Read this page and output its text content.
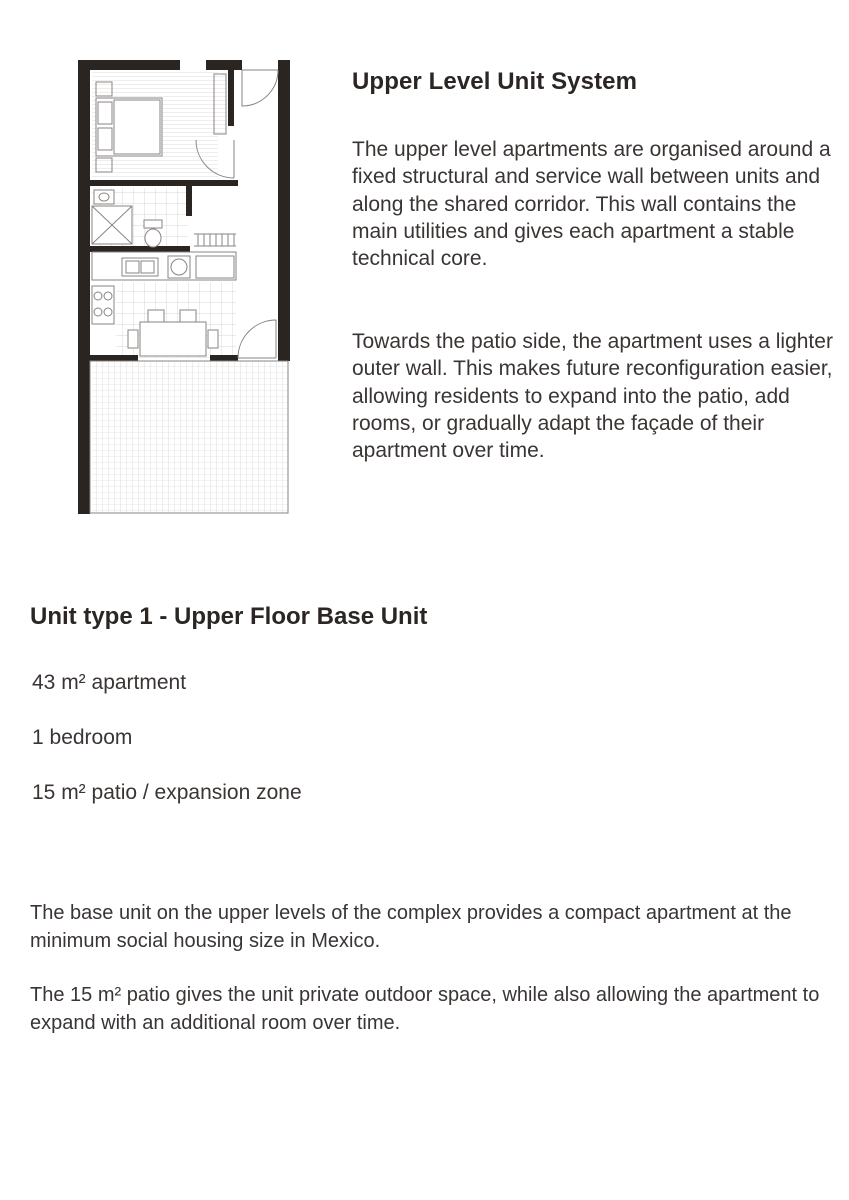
Upper Level Unit System

The upper level apartments are organised around a fixed structural and service wall between units and along the shared corridor. This wall contains the main utilities and gives each apartment a stable technical core.

Towards the patio side, the apartment uses a lighter outer wall. This makes future reconfiguration easier, allowing residents to expand into the patio, add rooms, or gradually adapt the façade of their apartment over time.

Unit type 1 - Upper Floor Base Unit

43 m² apartment

1 bedroom

15 m² patio / expansion zone

The base unit on the upper levels of the complex provides a compact apartment at the minimum social housing size in Mexico.

The 15 m² patio gives the unit private outdoor space, while also allowing the apartment to expand with an additional room over time.
